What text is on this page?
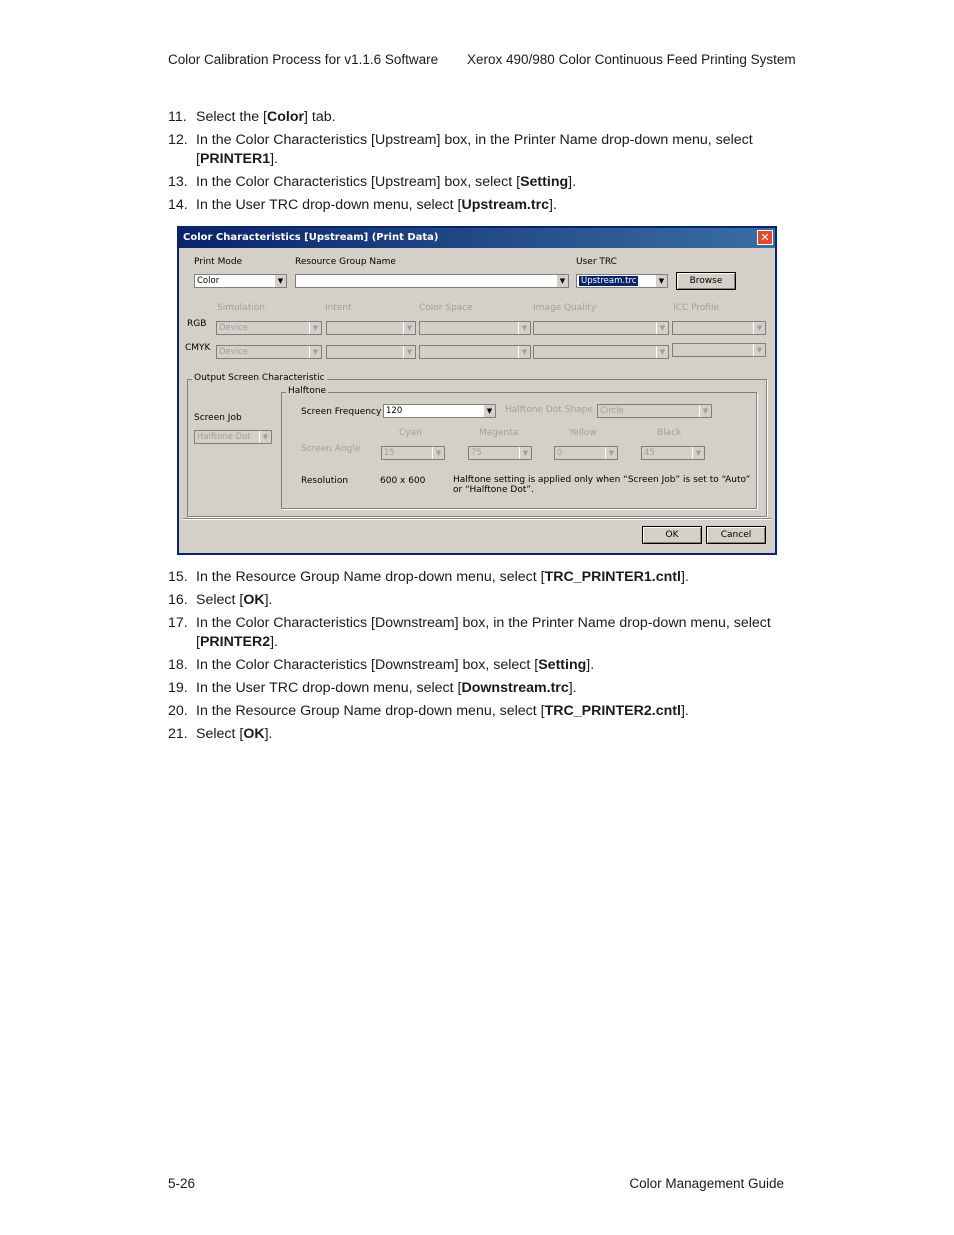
Color Calibration Process for v1.1.6 Software Xerox 490/980 Color Continuous Feed Printing System
11. Select the [Color] tab.
12. In the Color Characteristics [Upstream] box, in the Printer Name drop-down menu, select [PRINTER1].
13. In the Color Characteristics [Upstream] box, select [Setting].
14. In the User TRC drop-down menu, select [Upstream.trc].
Color Characteristics [Upstream] (Print Data)	✕
Print Mode
Color	▼
Resource Group Name
▼
User TRC
Upstream.trc	▼	Browse
Simulation	Intent	Color Space	Image Quality	ICC Profile
RGB	Device	▼	▼	▼	▼	▼
CMYK	Device	▼	▼	▼	▼	▼
Output Screen Characteristic
Screen Job
Halftone Dot	▼
Halftone
Screen Frequency 120	▼	Halftone Dot Shape Circle	▼
Cyan	Magenta	Yellow	Black
Screen Angle	15	▼	75	▼	0	▼	45	▼
Resolution	600 x 600	Halftone setting is applied only when “Screen Job” is set to “Auto”
or “Halftone Dot”.
OK	Cancel
15. In the Resource Group Name drop-down menu, select [TRC_PRINTER1.cntl].
16. Select [OK].
17. In the Color Characteristics [Downstream] box, in the Printer Name drop-down menu, select [PRINTER2].
18. In the Color Characteristics [Downstream] box, select [Setting].
19. In the User TRC drop-down menu, select [Downstream.trc].
20. In the Resource Group Name drop-down menu, select [TRC_PRINTER2.cntl].
21. Select [OK].
5-26	Color Management Guide
